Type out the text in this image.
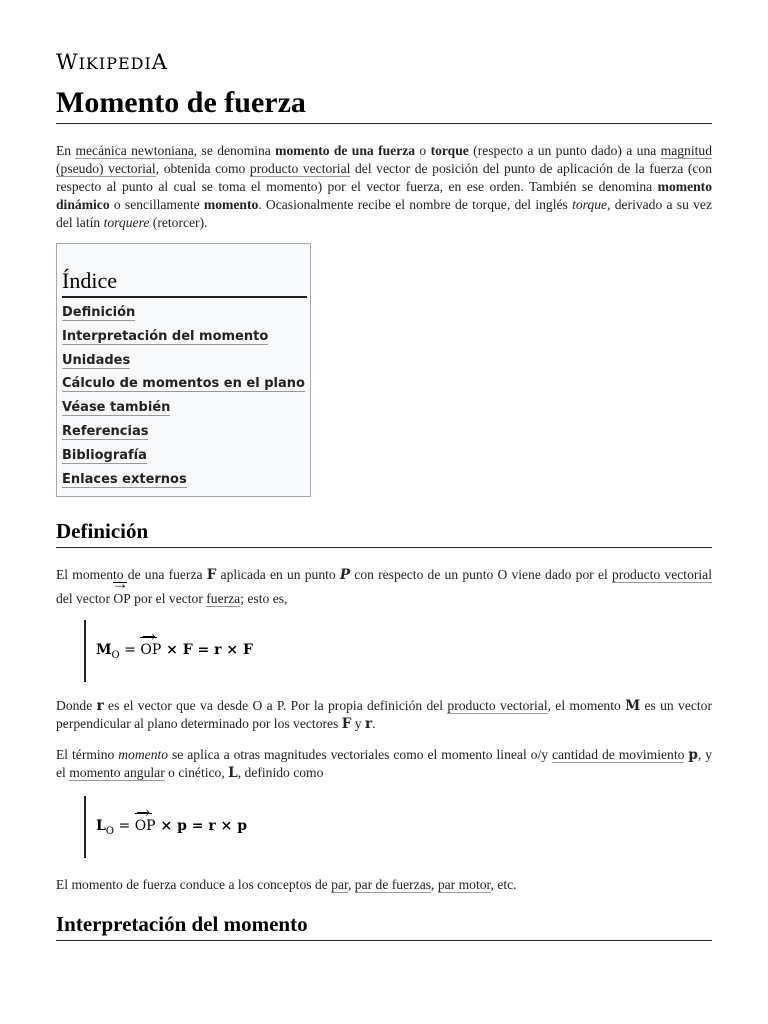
WIKIPEDIA
Momento de fuerza

En mecánica newtoniana, se denomina momento de una fuerza o torque (respecto a un punto dado) a una magnitud (pseudo) vectorial, obtenida como producto vectorial del vector de posición del punto de aplicación de la fuerza (con respecto al punto al cual se toma el momento) por el vector fuerza, en ese orden. También se denomina momento dinámico o sencillamente momento. Ocasionalmente recibe el nombre de torque, del inglés torque, derivado a su vez del latín torquere (retorcer).

Índice
Definición
Interpretación del momento
Unidades
Cálculo de momentos en el plano
Véase también
Referencias
Bibliografía
Enlaces externos
Definición

El momento de una fuerza F aplicada en un punto P con respecto de un punto O viene dado por el producto vectorial del vector
→ OP por el vector fuerza; esto es,

$M_O$ =
→ OP × F = r × F

Donde r es el vector que va desde O a P. Por la propia definición del producto vectorial, el momento M es un vector perpendicular al plano determinado por los vectores F y r.

El término momento se aplica a otras magnitudes vectoriales como el momento lineal o/y cantidad de movimiento p, y el momento angular o cinético, L, definido como

$L_O$ =
→ OP × p = r × p

El momento de fuerza conduce a los conceptos de par, par de fuerzas, par motor, etc.

Interpretación del momento
